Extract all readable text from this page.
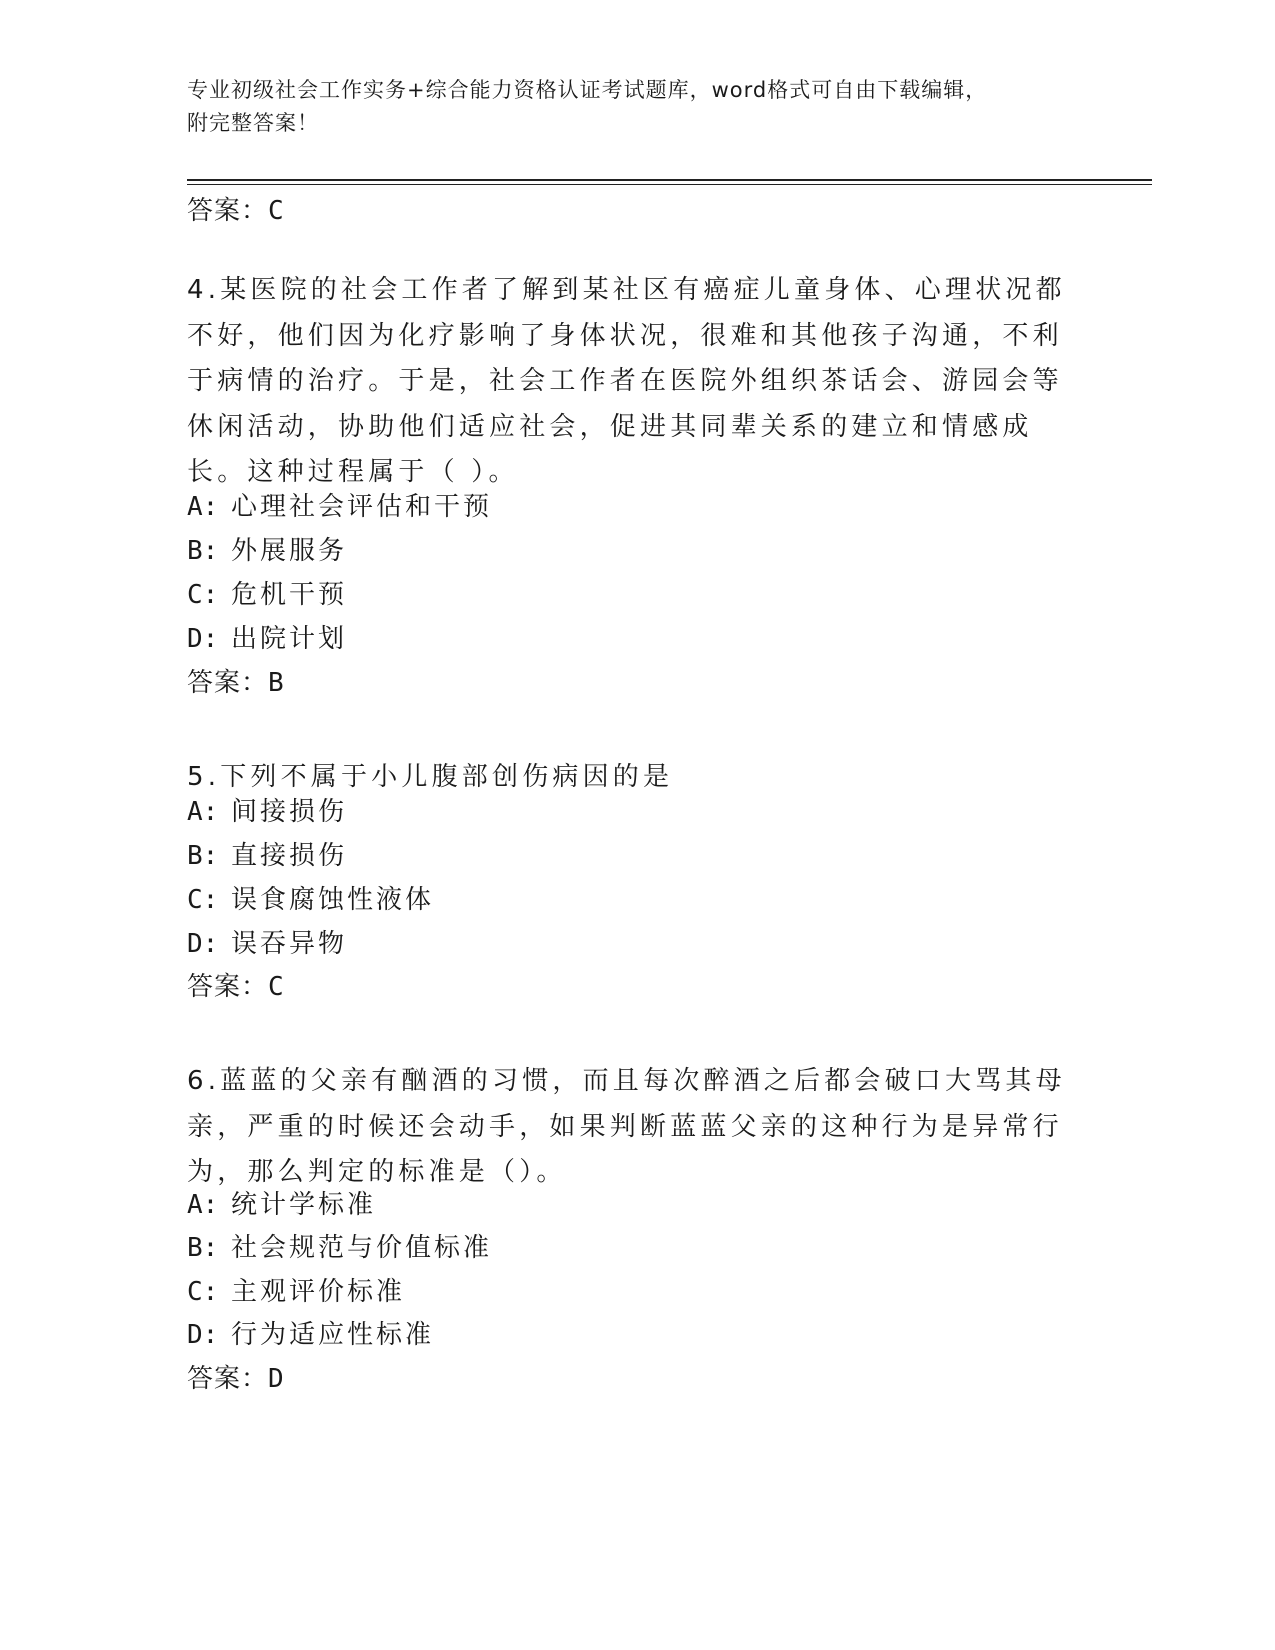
专业初级社会工作实务+综合能力资格认证考试题库，word格式可自由下载编辑，
附完整答案！
答案：C
4.某医院的社会工作者了解到某社区有癌症儿童身体、心理状况都不好，他们因为化疗影响了身体状况，很难和其他孩子沟通，不利于病情的治疗。于是，社会工作者在医院外组织茶话会、游园会等休闲活动，协助他们适应社会，促进其同辈关系的建立和情感成长。这种过程属于（ ）。
A: 心理社会评估和干预
B: 外展服务
C: 危机干预
D: 出院计划
答案：B
5.下列不属于小儿腹部创伤病因的是
A: 间接损伤
B: 直接损伤
C: 误食腐蚀性液体
D: 误吞异物
答案：C
6.蓝蓝的父亲有酗酒的习惯，而且每次醉酒之后都会破口大骂其母亲，严重的时候还会动手，如果判断蓝蓝父亲的这种行为是异常行为，那么判定的标准是（）。
A: 统计学标准
B: 社会规范与价值标准
C: 主观评价标准
D: 行为适应性标准
答案：D
